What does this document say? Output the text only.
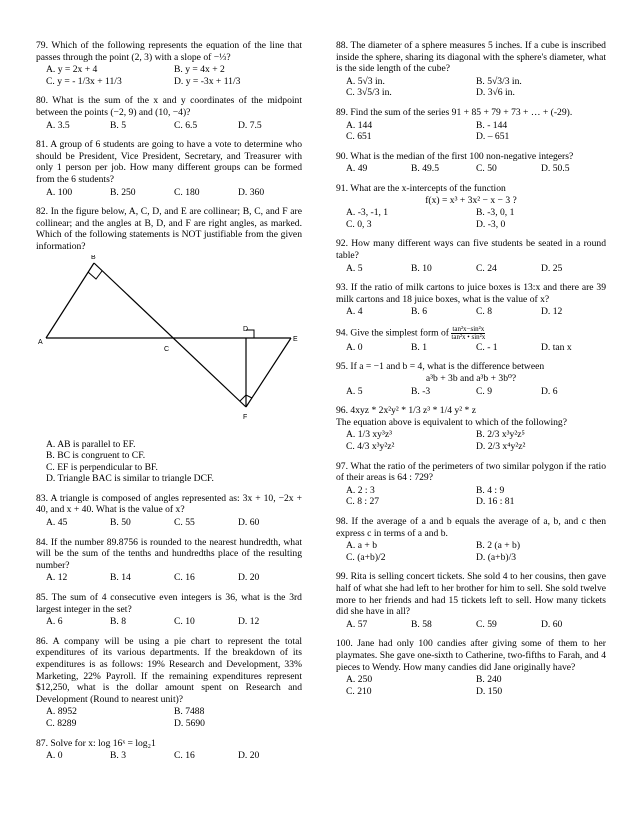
79. Which of the following represents the equation of the line that passes through the point (2, 3) with a slope of −⅓?
A. y = 2x + 4	B. y = 4x + 2
C. y = - 1/3x + 11/3	D. y = -3x + 11/3
80. What is the sum of the x and y coordinates of the midpoint between the points (−2, 9) and (10, −4)?
A. 3.5	B. 5	C. 6.5	D. 7.5
81. A group of 6 students are going to have a vote to determine who should be President, Vice President, Secretary, and Treasurer with only 1 person per job. How many different groups can be formed from the 6 students?
A. 100	B. 250	C. 180	D. 360
82. In the figure below, A, C, D, and E are collinear; B, C, and F are collinear; and the angles at B, D, and F are right angles, as marked. Which of the following statements is NOT justifiable from the given information?
A
B
C
D
E
F
A. AB is parallel to EF.
B. BC is congruent to CF.
C. EF is perpendicular to BF.
D. Triangle BAC is similar to triangle DCF.
83. A triangle is composed of angles represented as: 3x + 10, −2x + 40, and x + 40. What is the value of x?
A. 45	B. 50	C. 55	D. 60
84. If the number 89.8756 is rounded to the nearest hundredth, what will be the sum of the tenths and hundredths place of the resulting number?
A. 12	B. 14	C. 16	D. 20
85. The sum of 4 consecutive even integers is 36, what is the 3rd largest integer in the set?
A. 6	B. 8	C. 10	D. 12
86. A company will be using a pie chart to represent the total expenditures of its various departments. If the breakdown of its expenditures is as follows: 19% Research and Development, 33% Marketing, 22% Payroll. If the remaining expenditures represent $12,250, what is the dollar amount spent on Research and Development (Round to nearest unit)?
A. 8952	B. 7488
C. 8289	D. 5690
87. Solve for x: log 16ˣ = log₂1
A. 0	B. 3	C. 16	D. 20
88. The diameter of a sphere measures 5 inches. If a cube is inscribed inside the sphere, sharing its diagonal with the sphere's diameter, what is the side length of the cube?
A. 5√3 in.	B. 5√3/3 in.
C. 3√5/3 in.	D. 3√6 in.
89. Find the sum of the series 91 + 85 + 79 + 73 + … + (-29).
A. 144	B. - 144
C. 651	D. – 651
90. What is the median of the first 100 non-negative integers?
A. 49	B. 49.5	C. 50	D. 50.5
91. What are the x-intercepts of the function
f(x) = x³ + 3x² − x − 3 ?
A. -3, -1, 1	B. -3, 0, 1
C. 0, 3	D. -3, 0
92. How many different ways can five students be seated in a round table?
A. 5	B. 10	C. 24	D. 25
93. If the ratio of milk cartons to juice boxes is 13:x and there are 39 milk cartons and 18 juice boxes, what is the value of x?
A. 4	B. 6	C. 8	D. 12
94. Give the simplest form of $\frac{\text{tan²x−sin²x}}{\text{tan²x • sin²x}}$
A. 0	B. 1	C. - 1	D. tan x
95. If a = −1 and b = 4, what is the difference between
a³b + 3b and a³b + 3b⁰?
A. 5	B. -3	C. 9	D. 6
96. 4xyz * 2x²y² * 1/3 z³ * 1/4 y² * z
The equation above is equivalent to which of the following?
A. 1/3 xy³z³	B. 2/3 x³y²z⁵
C. 4/3 x³y²z²	D. 2/3 x⁴y²z²
97. What the ratio of the perimeters of two similar polygon if the ratio of their areas is 64 : 729?
A. 2 : 3	B. 4 : 9
C. 8 : 27	D. 16 : 81
98. If the average of a and b equals the average of a, b, and c then express c in terms of a and b.
A. a + b	B. 2 (a + b)
C. (a+b)/2	D. (a+b)/3
99. Rita is selling concert tickets. She sold 4 to her cousins, then gave half of what she had left to her brother for him to sell. She sold twelve more to her friends and had 15 tickets left to sell. How many tickets did she have in all?
A. 57	B. 58	C. 59	D. 60
100. Jane had only 100 candies after giving some of them to her playmates. She gave one-sixth to Catherine, two-fifths to Farah, and 4 pieces to Wendy. How many candies did Jane originally have?
A. 250	B. 240
C. 210	D. 150
